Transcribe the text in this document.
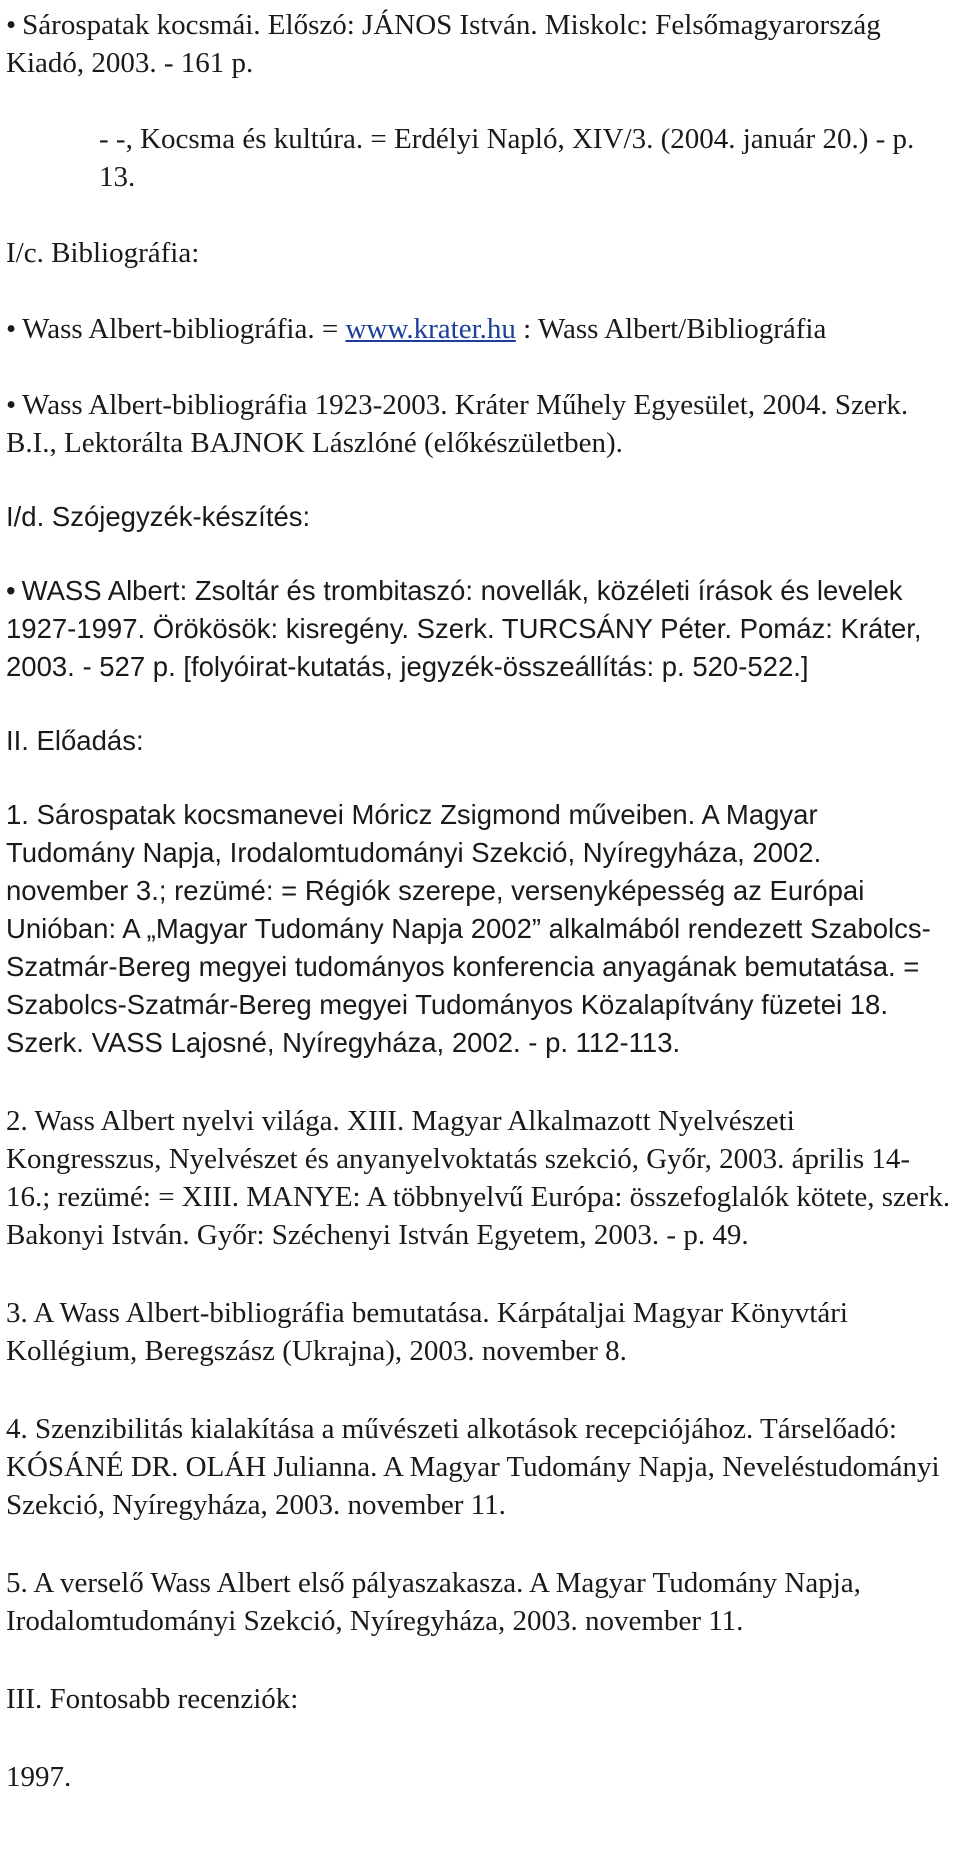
• Sárospatak kocsmái. Előszó: JÁNOS István. Miskolc: Felsőmagyarország Kiadó, 2003. - 161 p.

- -, Kocsma és kultúra. = Erdélyi Napló, XIV/3. (2004. január 20.) - p. 13.

I/c. Bibliográfia:

• Wass Albert-bibliográfia. = www.krater.hu : Wass Albert/Bibliográfia

• Wass Albert-bibliográfia 1923-2003. Kráter Műhely Egyesület, 2004. Szerk. B.I., Lektorálta BAJNOK Lászlóné (előkészületben).

I/d. Szójegyzék-készítés:

• WASS Albert: Zsoltár és trombitaszó: novellák, közéleti írások és levelek 1927-1997. Örökösök: kisregény. Szerk. TURCSÁNY Péter. Pomáz: Kráter, 2003. - 527 p. [folyóirat-kutatás, jegyzék-összeállítás: p. 520-522.]

II. Előadás:

1. Sárospatak kocsmanevei Móricz Zsigmond műveiben. A Magyar Tudomány Napja, Irodalomtudományi Szekció, Nyíregyháza, 2002. november 3.; rezümé: = Régiók szerepe, versenyképesség az Európai Unióban: A „Magyar Tudomány Napja 2002” alkalmából rendezett Szabolcs-Szatmár-Bereg megyei tudományos konferencia anyagának bemutatása. = Szabolcs-Szatmár-Bereg megyei Tudományos Közalapítvány füzetei 18. Szerk. VASS Lajosné, Nyíregyháza, 2002. - p. 112-113.

2. Wass Albert nyelvi világa. XIII. Magyar Alkalmazott Nyelvészeti Kongresszus, Nyelvészet és anyanyelvoktatás szekció, Győr, 2003. április 14-16.; rezümé: = XIII. MANYE: A többnyelvű Európa: összefoglalók kötete, szerk. Bakonyi István. Győr: Széchenyi István Egyetem, 2003. - p. 49.

3. A Wass Albert-bibliográfia bemutatása. Kárpátaljai Magyar Könyvtári Kollégium, Beregszász (Ukrajna), 2003. november 8.

4. Szenzibilitás kialakítása a művészeti alkotások recepciójához. Társelőadó: KÓSÁNÉ DR. OLÁH Julianna. A Magyar Tudomány Napja, Neveléstudományi Szekció, Nyíregyháza, 2003. november 11.

5. A verselő Wass Albert első pályaszakasza. A Magyar Tudomány Napja, Irodalomtudományi Szekció, Nyíregyháza, 2003. november 11.

III. Fontosabb recenziók:

1997.
